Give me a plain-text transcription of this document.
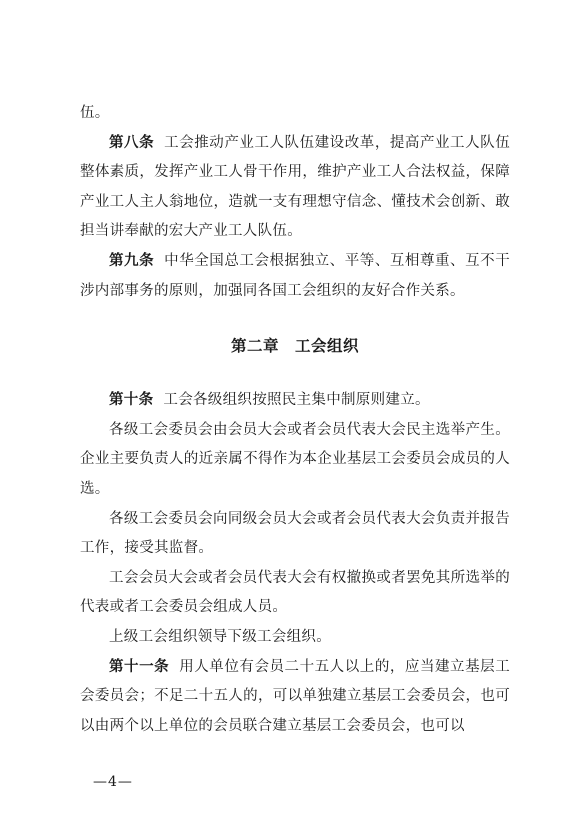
伍。

第八条 工会推动产业工人队伍建设改革，提高产业工人队伍整体素质，发挥产业工人骨干作用，维护产业工人合法权益，保障产业工人主人翁地位，造就一支有理想守信念、懂技术会创新、敢担当讲奉献的宏大产业工人队伍。

第九条 中华全国总工会根据独立、平等、互相尊重、互不干涉内部事务的原则，加强同各国工会组织的友好合作关系。

第二章　工会组织

第十条 工会各级组织按照民主集中制原则建立。

各级工会委员会由会员大会或者会员代表大会民主选举产生。企业主要负责人的近亲属不得作为本企业基层工会委员会成员的人选。

各级工会委员会向同级会员大会或者会员代表大会负责并报告工作，接受其监督。

工会会员大会或者会员代表大会有权撤换或者罢免其所选举的代表或者工会委员会组成人员。

上级工会组织领导下级工会组织。

第十一条 用人单位有会员二十五人以上的，应当建立基层工会委员会；不足二十五人的，可以单独建立基层工会委员会，也可以由两个以上单位的会员联合建立基层工会委员会，也可以

—4—
